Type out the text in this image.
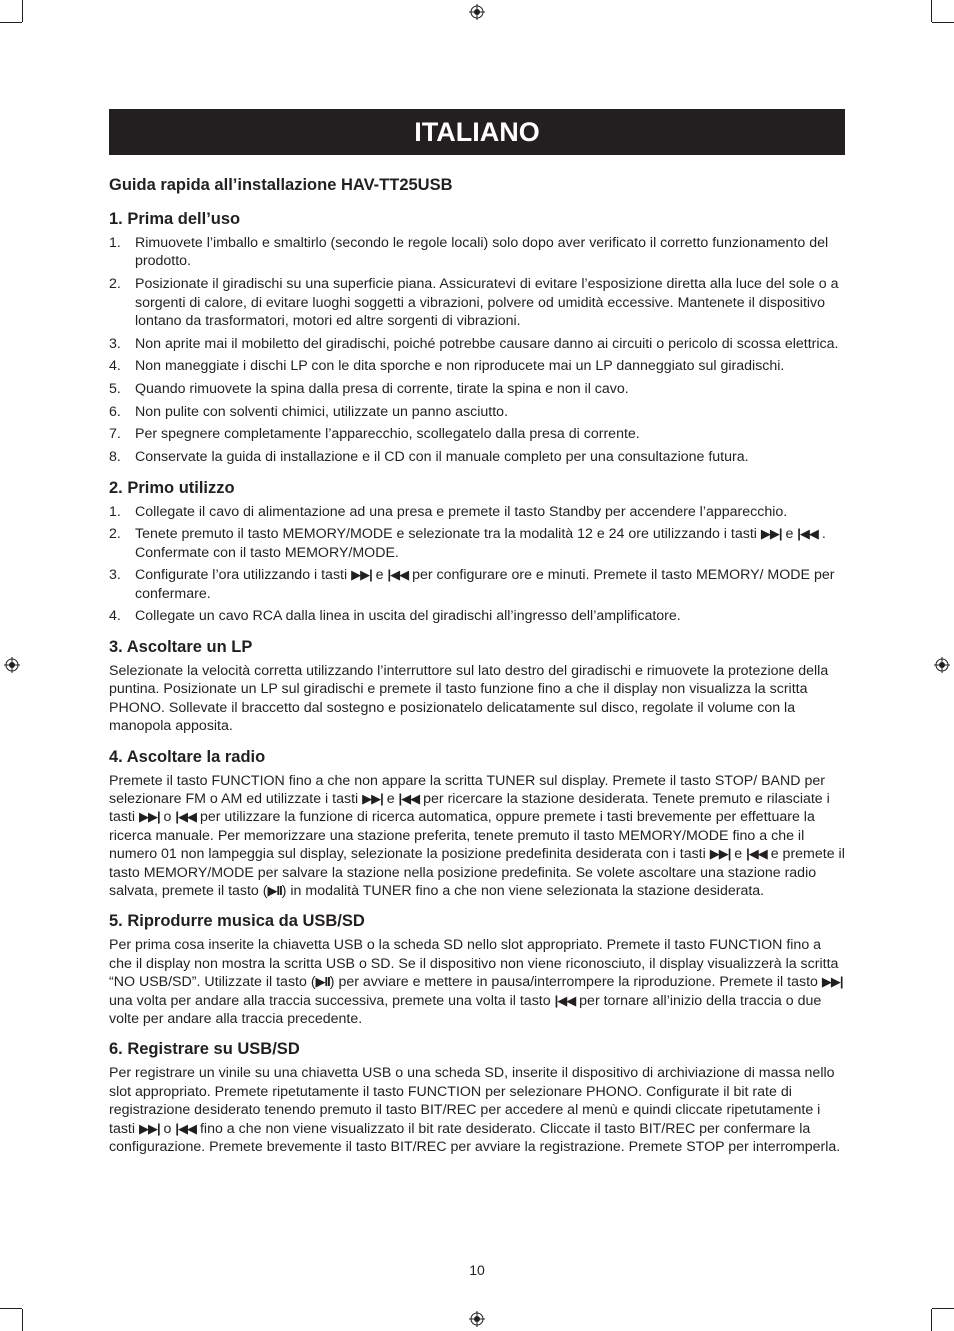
ITALIANO
Guida rapida all’installazione HAV-TT25USB
1. Prima dell’uso
1. Rimuovete l’imballo e smaltirlo (secondo le regole locali) solo dopo aver verificato il corretto funzionamento del prodotto.
2. Posizionate il giradischi su una superficie piana. Assicuratevi di evitare l’esposizione diretta alla luce del sole o a sorgenti di calore, di evitare luoghi soggetti a vibrazioni, polvere od umidità eccessive. Mantenete il dispositivo lontano da trasformatori, motori ed altre sorgenti di vibrazioni.
3. Non aprite mai il mobiletto del giradischi, poiché potrebbe causare danno ai circuiti o pericolo di scossa elettrica.
4. Non maneggiate i dischi LP con le dita sporche e non riproducete mai un LP danneggiato sul giradischi.
5. Quando rimuovete la spina dalla presa di corrente, tirate la spina e non il cavo.
6. Non pulite con solventi chimici, utilizzate un panno asciutto.
7. Per spegnere completamente l’apparecchio, scollegatelo dalla presa di corrente.
8. Conservate la guida di installazione e il CD con il manuale completo per una consultazione futura.
2. Primo utilizzo
1. Collegate il cavo di alimentazione ad una presa e premete il tasto Standby per accendere l’apparecchio.
2. Tenete premuto il tasto MEMORY/MODE e selezionate tra la modalità 12 e 24 ore utilizzando i tasti ▶▶| e |◀◀ . Confermate con il tasto MEMORY/MODE.
3. Configurate l’ora utilizzando i tasti ▶▶| e |◀◀ per configurare ore e minuti. Premete il tasto MEMORY/ MODE per confermare.
4. Collegate un cavo RCA dalla linea in uscita del giradischi all’ingresso dell’amplificatore.
3. Ascoltare un LP

Selezionate la velocità corretta utilizzando l’interruttore sul lato destro del giradischi e rimuovete la protezione della puntina. Posizionate un LP sul giradischi e premete il tasto funzione fino a che il display non visualizza la scritta PHONO. Sollevate il braccetto dal sostegno e posizionatelo delicatamente sul disco, regolate il volume con la manopola apposita.

4. Ascoltare la radio

Premete il tasto FUNCTION fino a che non appare la scritta TUNER sul display. Premete il tasto STOP/ BAND per selezionare FM o AM ed utilizzate i tasti ▶▶| e |◀◀ per ricercare la stazione desiderata. Tenete premuto e rilasciate i tasti ▶▶| o |◀◀ per utilizzare la funzione di ricerca automatica, oppure premete i tasti brevemente per effettuare la ricerca manuale. Per memorizzare una stazione preferita, tenete premuto il tasto MEMORY/MODE fino a che il numero 01 non lampeggia sul display, selezionate la posizione predefinita desiderata con i tasti ▶▶| e |◀◀ e premete il tasto MEMORY/MODE per salvare la stazione nella posizione predefinita. Se volete ascoltare una stazione radio salvata, premete il tasto (▶II) in modalità TUNER fino a che non viene selezionata la stazione desiderata.

5. Riprodurre musica da USB/SD

Per prima cosa inserite la chiavetta USB o la scheda SD nello slot appropriato. Premete il tasto FUNCTION fino a che il display non mostra la scritta USB o SD. Se il dispositivo non viene riconosciuto, il display visualizzerà la scritta “NO USB/SD”. Utilizzate il tasto (▶II) per avviare e mettere in pausa/interrompere la riproduzione. Premete il tasto ▶▶| una volta per andare alla traccia successiva, premete una volta il tasto |◀◀ per tornare all’inizio della traccia o due volte per andare alla traccia precedente.

6. Registrare su USB/SD

Per registrare un vinile su una chiavetta USB o una scheda SD, inserite il dispositivo di archiviazione di massa nello slot appropriato. Premete ripetutamente il tasto FUNCTION per selezionare PHONO. Configurate il bit rate di registrazione desiderato tenendo premuto il tasto BIT/REC per accedere al menù e quindi cliccate ripetutamente i tasti ▶▶| o |◀◀ fino a che non viene visualizzato il bit rate desiderato. Cliccate il tasto BIT/REC per confermare la configurazione. Premete brevemente il tasto BIT/REC per avviare la registrazione. Premete STOP per interromperla.

10
